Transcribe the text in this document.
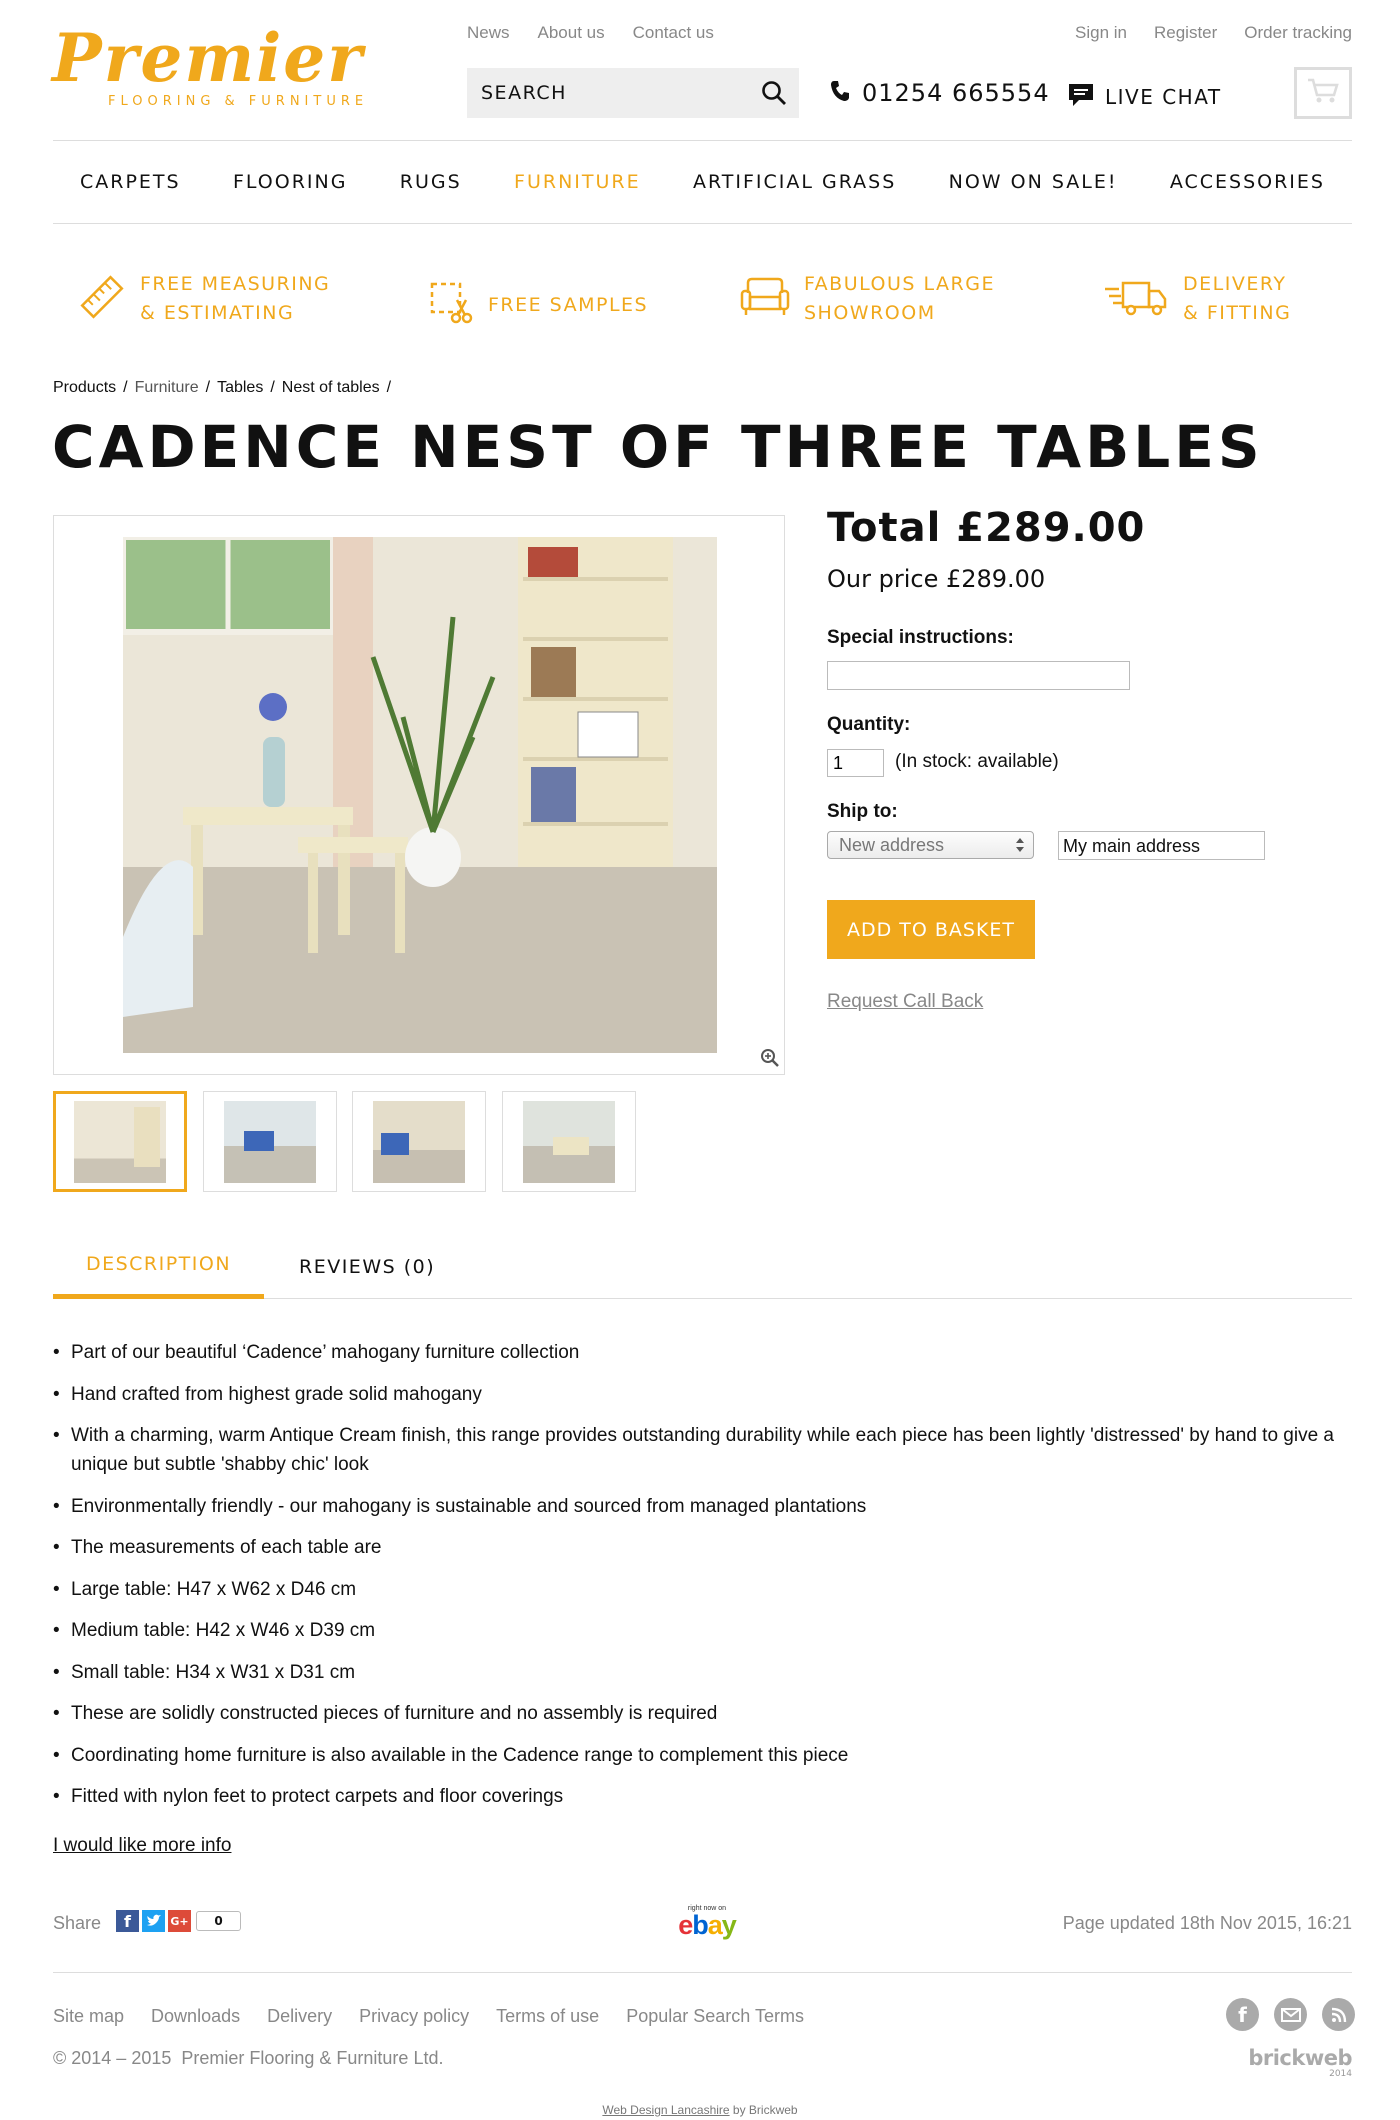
Premier
FLOORING & FURNITURE
News About us Contact us	Sign in Register Order tracking
SEARCH
01254 665554	LIVE CHAT
CARPETS	FLOORING	RUGS	FURNITURE	ARTIFICIAL GRASS	NOW ON SALE!	ACCESSORIES
FREE MEASURING
& ESTIMATING	FREE SAMPLES
FABULOUS LARGE
SHOWROOM
DELIVERY
& FITTING
Products / Furniture / Tables / Nest of tables /
CADENCE NEST OF THREE TABLES
Total £289.00
Our price £289.00
Special instructions:
Quantity:
1
(In stock: available)
Ship to:
New address	My main address
ADD TO BASKET
Request Call Back
DESCRIPTION	REVIEWS (0)
• Part of our beautiful ‘Cadence’ mahogany furniture collection
• Hand crafted from highest grade solid mahogany
• With a charming, warm Antique Cream finish, this range provides outstanding durability while each piece has been lightly 'distressed' by hand to give a unique but subtle 'shabby chic' look
• Environmentally friendly - our mahogany is sustainable and sourced from managed plantations
• The measurements of each table are
• Large table: H47 x W62 x D46 cm
• Medium table: H42 x W46 x D39 cm
• Small table: H34 x W31 x D31 cm
• These are solidly constructed pieces of furniture and no assembly is required
• Coordinating home furniture is also available in the Cadence range to complement this piece
• Fitted with nylon feet to protect carpets and floor coverings
I would like more info
Share	f	G+	0
right now on
ebay	Page updated 18th Nov 2015, 16:21
Site map Downloads Delivery Privacy policy Terms of use Popular Search Terms
© 2014 – 2015  Premier Flooring & Furniture Ltd.
f
brickweb
2014
Web Design Lancashire by Brickweb
